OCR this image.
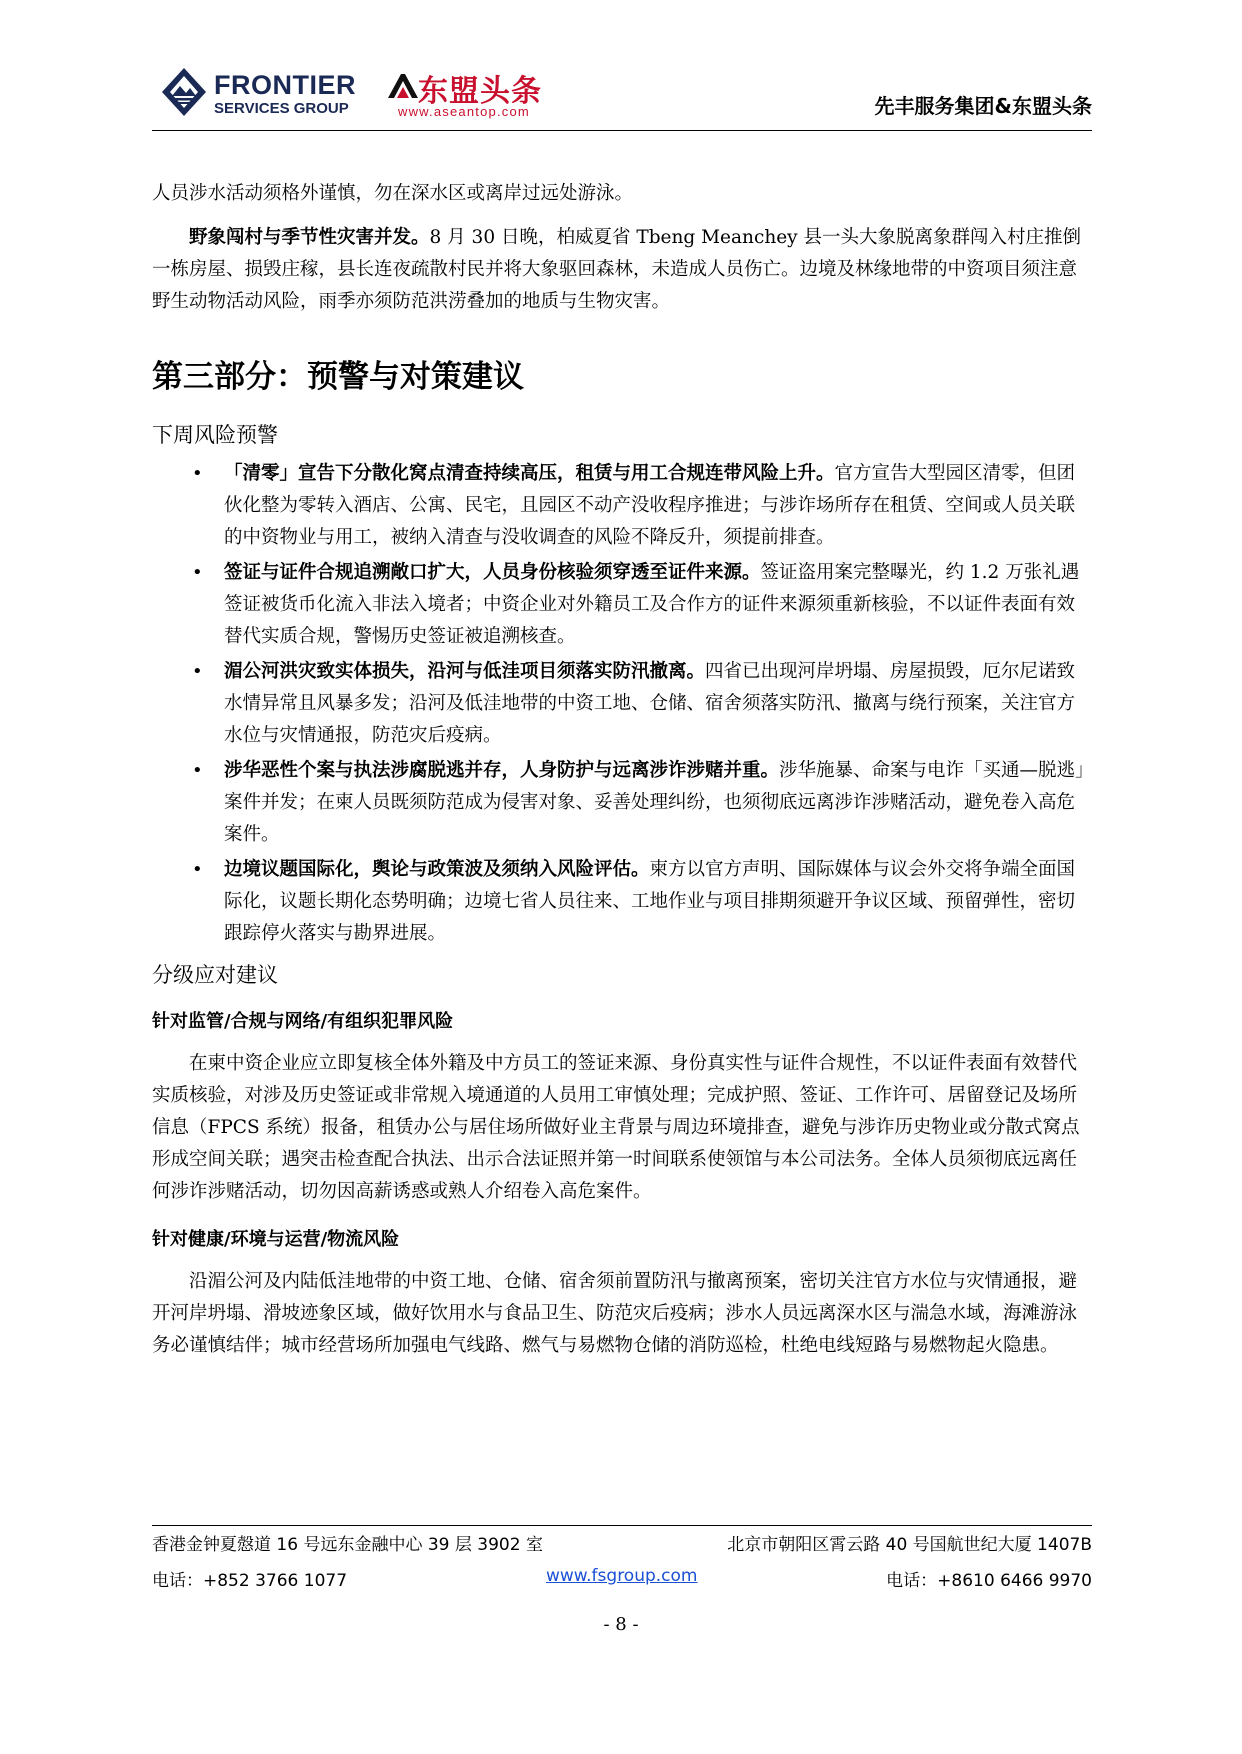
FRONTIER
SERVICES GROUP 东盟头条
www.aseantop.com	先丰服务集团&东盟头条

人员涉水活动须格外谨慎，勿在深水区或离岸过远处游泳。

野象闯村与季节性灾害并发。8 月 30 日晚，柏威夏省 Tbeng Meanchey 县一头大象脱离象群闯入村庄推倒一栋房屋、损毁庄稼，县长连夜疏散村民并将大象驱回森林，未造成人员伤亡。边境及林缘地带的中资项目须注意野生动物活动风险，雨季亦须防范洪涝叠加的地质与生物灾害。

第三部分：预警与对策建议
下周风险预警
• 「清零」宣告下分散化窝点清查持续高压，租赁与用工合规连带风险上升。官方宣告大型园区清零，但团伙化整为零转入酒店、公寓、民宅，且园区不动产没收程序推进；与涉诈场所存在租赁、空间或人员关联的中资物业与用工，被纳入清查与没收调查的风险不降反升，须提前排查。
• 签证与证件合规追溯敞口扩大，人员身份核验须穿透至证件来源。签证盗用案完整曝光，约 1.2 万张礼遇签证被货币化流入非法入境者；中资企业对外籍员工及合作方的证件来源须重新核验，不以证件表面有效替代实质合规，警惕历史签证被追溯核查。
• 湄公河洪灾致实体损失，沿河与低洼项目须落实防汛撤离。四省已出现河岸坍塌、房屋损毁，厄尔尼诺致水情异常且风暴多发；沿河及低洼地带的中资工地、仓储、宿舍须落实防汛、撤离与绕行预案，关注官方水位与灾情通报，防范灾后疫病。
• 涉华恶性个案与执法涉腐脱逃并存，人身防护与远离涉诈涉赌并重。涉华施暴、命案与电诈「买通—脱逃」案件并发；在柬人员既须防范成为侵害对象、妥善处理纠纷，也须彻底远离涉诈涉赌活动，避免卷入高危案件。
• 边境议题国际化，舆论与政策波及须纳入风险评估。柬方以官方声明、国际媒体与议会外交将争端全面国际化，议题长期化态势明确；边境七省人员往来、工地作业与项目排期须避开争议区域、预留弹性，密切跟踪停火落实与勘界进展。
分级应对建议
针对监管/合规与网络/有组织犯罪风险

在柬中资企业应立即复核全体外籍及中方员工的签证来源、身份真实性与证件合规性，不以证件表面有效替代实质核验，对涉及历史签证或非常规入境通道的人员用工审慎处理；完成护照、签证、工作许可、居留登记及场所信息（FPCS 系统）报备，租赁办公与居住场所做好业主背景与周边环境排查，避免与涉诈历史物业或分散式窝点形成空间关联；遇突击检查配合执法、出示合法证照并第一时间联系使领馆与本公司法务。全体人员须彻底远离任何涉诈涉赌活动，切勿因高薪诱惑或熟人介绍卷入高危案件。

针对健康/环境与运营/物流风险

沿湄公河及内陆低洼地带的中资工地、仓储、宿舍须前置防汛与撤离预案，密切关注官方水位与灾情通报，避开河岸坍塌、滑坡迹象区域，做好饮用水与食品卫生、防范灾后疫病；涉水人员远离深水区与湍急水域，海滩游泳务必谨慎结伴；城市经营场所加强电气线路、燃气与易燃物仓储的消防巡检，杜绝电线短路与易燃物起火隐患。

香港金钟夏慤道 16 号远东金融中心 39 层 3902 室	北京市朝阳区霄云路 40 号国航世纪大厦 1407B
电话：+852 3766 1077	www.fsgroup.com	电话：+8610 6466 9970
- 8 -
